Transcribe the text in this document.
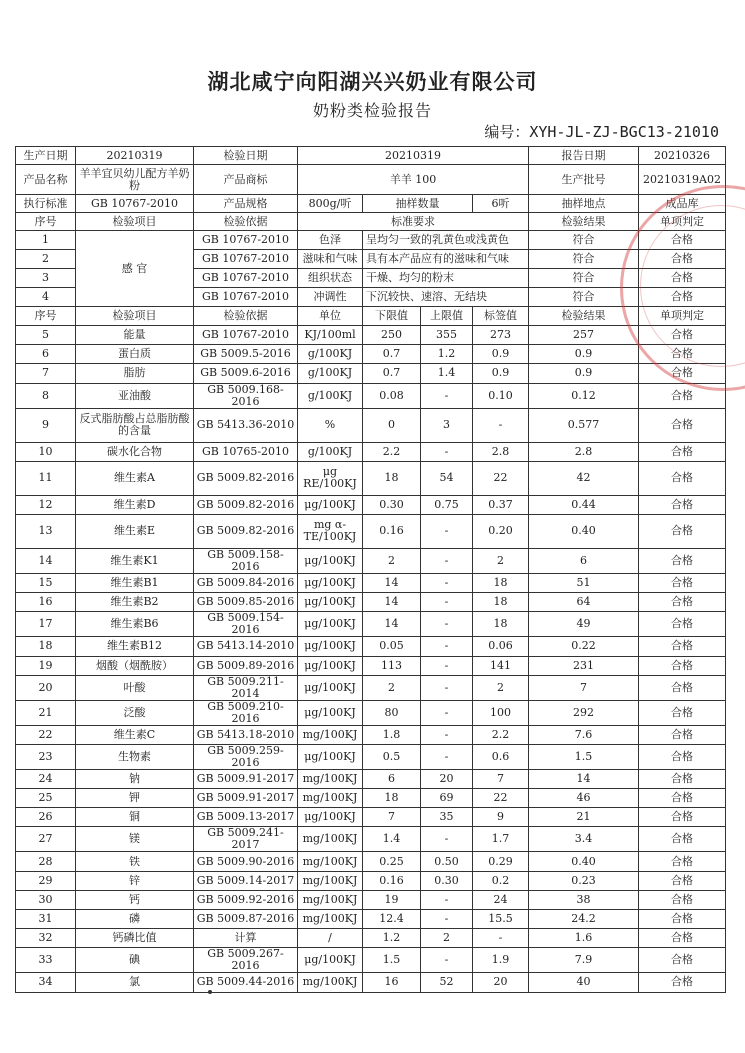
湖北咸宁向阳湖兴兴奶业有限公司
奶粉类检验报告
编号：XYH-JL-ZJ-BGC13-21010
生产日期	20210319	检验日期	20210319				报告日期	20210326
产品名称	羊羊宜贝幼儿配方羊奶粉	产品商标	羊羊 100				生产批号	20210319A02
执行标准	GB 10767-2010	产品规格	800g/听	抽样数量		6听	抽样地点	成品库
序号	检验项目	检验依据	标准要求				检验结果	单项判定
1	感 官	GB 10767-2010	色泽	呈均匀一致的乳黄色或浅黄色			符合	合格
2		GB 10767-2010	滋味和气味	具有本产品应有的滋味和气味			符合	合格
3		GB 10767-2010	组织状态	干燥、均匀的粉末			符合	合格
4		GB 10767-2010	冲调性	下沉较快、速溶、无结块			符合	合格
序号	检验项目	检验依据	单位	下限值	上限值	标签值	检验结果	单项判定
5	能量	GB 10767-2010	KJ/100ml	250	355	273	257	合格
6	蛋白质	GB 5009.5-2016	g/100KJ	0.7	1.2	0.9	0.9	合格
7	脂肪	GB 5009.6-2016	g/100KJ	0.7	1.4	0.9	0.9	合格
8	亚油酸	GB 5009.168-2016	g/100KJ	0.08	-	0.10	0.12	合格
9	反式脂肪酸占总脂肪酸的含量	GB 5413.36-2010	%	0	3	-	0.577	合格
10	碳水化合物	GB 10765-2010	g/100KJ	2.2	-	2.8	2.8	合格
11	维生素A	GB 5009.82-2016	μg RE/100KJ	18	54	22	42	合格
12	维生素D	GB 5009.82-2016	μg/100KJ	0.30	0.75	0.37	0.44	合格
13	维生素E	GB 5009.82-2016	mg α-TE/100KJ	0.16	-	0.20	0.40	合格
14	维生素K1	GB 5009.158-2016	μg/100KJ	2	-	2	6	合格
15	维生素B1	GB 5009.84-2016	μg/100KJ	14	-	18	51	合格
16	维生素B2	GB 5009.85-2016	μg/100KJ	14	-	18	64	合格
17	维生素B6	GB 5009.154-2016	μg/100KJ	14	-	18	49	合格
18	维生素B12	GB 5413.14-2010	μg/100KJ	0.05	-	0.06	0.22	合格
19	烟酸（烟酰胺）	GB 5009.89-2016	μg/100KJ	113	-	141	231	合格
20	叶酸	GB 5009.211-2014	μg/100KJ	2	-	2	7	合格
21	泛酸	GB 5009.210-2016	μg/100KJ	80	-	100	292	合格
22	维生素C	GB 5413.18-2010	mg/100KJ	1.8	-	2.2	7.6	合格
23	生物素	GB 5009.259-2016	μg/100KJ	0.5	-	0.6	1.5	合格
24	钠	GB 5009.91-2017	mg/100KJ	6	20	7	14	合格
25	钾	GB 5009.91-2017	mg/100KJ	18	69	22	46	合格
26	铜	GB 5009.13-2017	μg/100KJ	7	35	9	21	合格
27	镁	GB 5009.241-2017	mg/100KJ	1.4	-	1.7	3.4	合格
28	铁	GB 5009.90-2016	mg/100KJ	0.25	0.50	0.29	0.40	合格
29	锌	GB 5009.14-2017	mg/100KJ	0.16	0.30	0.2	0.23	合格
30	钙	GB 5009.92-2016	mg/100KJ	19	-	24	38	合格
31	磷	GB 5009.87-2016	mg/100KJ	12.4	-	15.5	24.2	合格
32	钙磷比值	计算	/	1.2	2	-	1.6	合格
33	碘	GB 5009.267-2016	μg/100KJ	1.5	-	1.9	7.9	合格
34	氯	GB 5009.44-2016	mg/100KJ	16	52	20	40	合格
